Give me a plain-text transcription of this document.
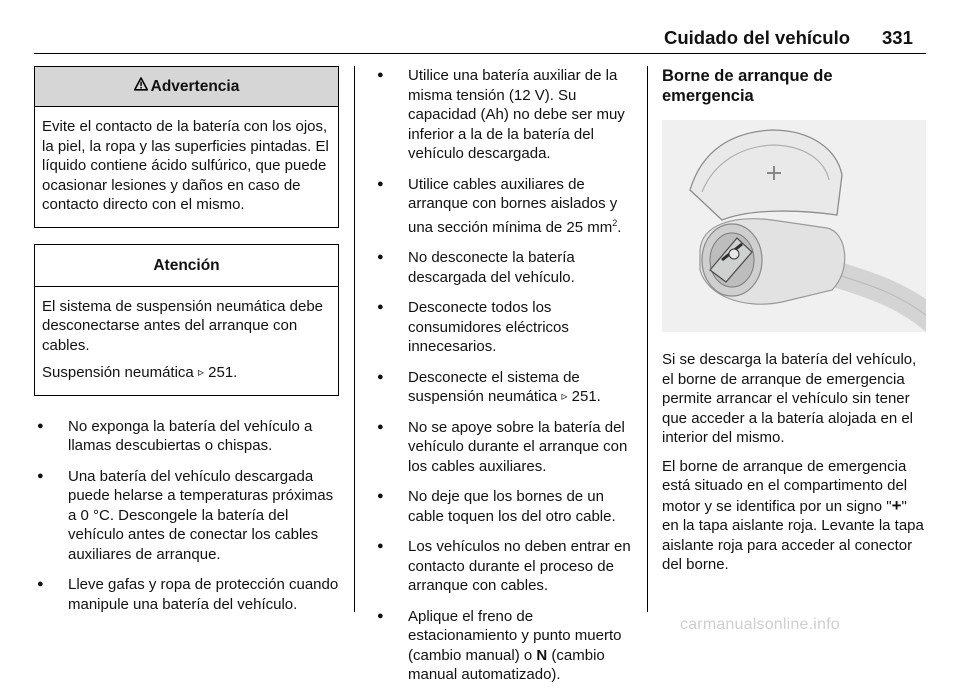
Cuidado del vehículo 331
Advertencia

Evite el contacto de la batería con los ojos, la piel, la ropa y las superficies pintadas. El líquido contiene ácido sulfúrico, que puede ocasionar lesiones y daños en caso de contacto directo con el mismo.

Atención

El sistema de suspensión neumática debe desconectarse antes del arranque con cables.

Suspensión neumática ▹ 251.

● No exponga la batería del vehículo a llamas descubiertas o chispas.
● Una batería del vehículo descargada puede helarse a temperaturas próximas a 0 °C. Descongele la batería del vehículo antes de conectar los cables auxiliares de arranque.
● Lleve gafas y ropa de protección cuando manipule una batería del vehículo.
● Utilice una batería auxiliar de la misma tensión (12 V). Su capacidad (Ah) no debe ser muy inferior a la de la batería del vehículo descargada.
● Utilice cables auxiliares de arranque con bornes aislados y una sección mínima de 25 $mm^2$.
● No desconecte la batería descargada del vehículo.
● Desconecte todos los consumidores eléctricos innecesarios.
● Desconecte el sistema de suspensión neumática ▹ 251.
● No se apoye sobre la batería del vehículo durante el arranque con los cables auxiliares.
● No deje que los bornes de un cable toquen los del otro cable.
● Los vehículos no deben entrar en contacto durante el proceso de arranque con cables.
● Aplique el freno de estacionamiento y punto muerto (cambio manual) o N (cambio manual automatizado).
Borne de arranque de emergencia

Si se descarga la batería del vehículo, el borne de arranque de emergencia permite arrancar el vehículo sin tener que acceder a la batería alojada en el interior del mismo.

El borne de arranque de emergencia está situado en el compartimento del motor y se identifica por un signo "+" en la tapa aislante roja. Levante la tapa aislante roja para acceder al conector del borne.

carmanualsonline.info
